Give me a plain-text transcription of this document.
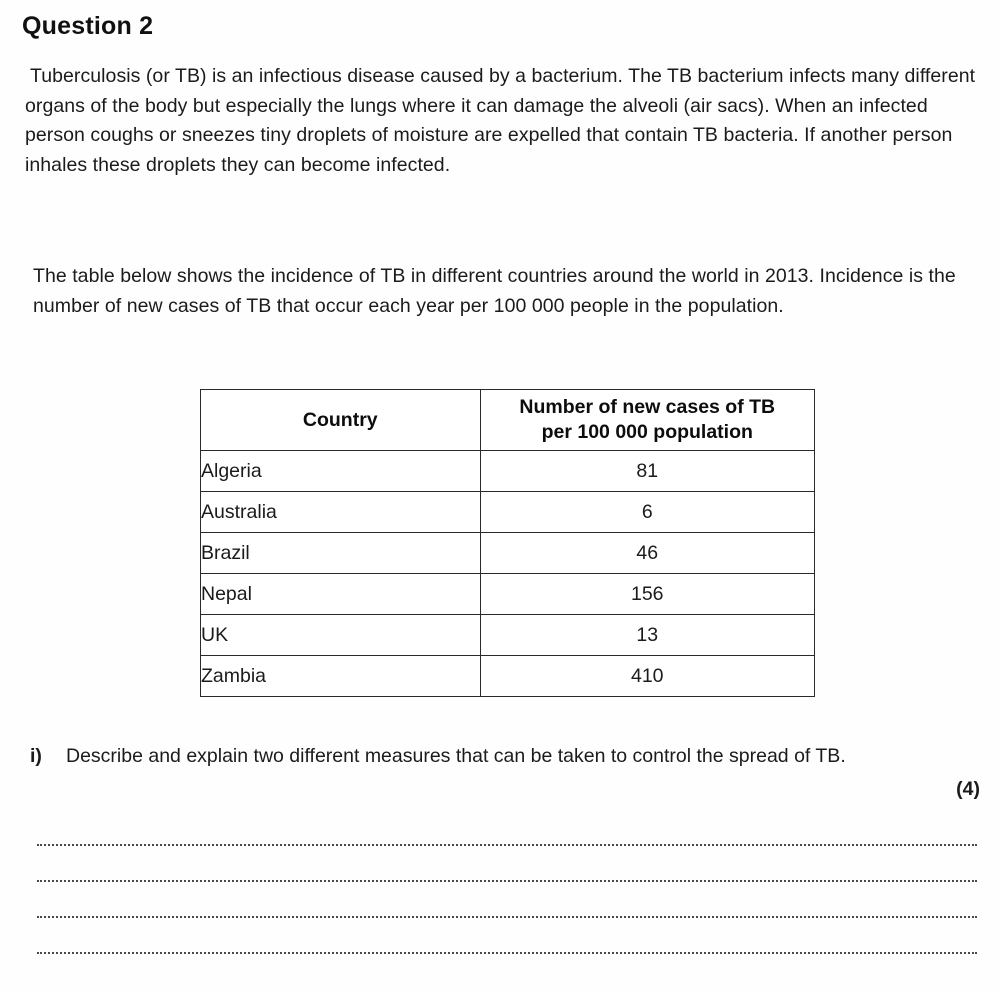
Question 2
Tuberculosis (or TB) is an infectious disease caused by a bacterium. The TB bacterium infects many different organs of the body but especially the lungs where it can damage the alveoli (air sacs). When an infected person coughs or sneezes tiny droplets of moisture are expelled that contain TB bacteria. If another person inhales these droplets they can become infected.
The table below shows the incidence of TB in different countries around the world in 2013. Incidence is the number of new cases of TB that occur each year per 100 000 people in the population.
Country	Number of new cases of TB
per 100 000 population

Algeria	81
Australia	6
Brazil	46
Nepal	156
UK	13
Zambia	410
i) Describe and explain two different measures that can be taken to control the spread of TB.
(4)
